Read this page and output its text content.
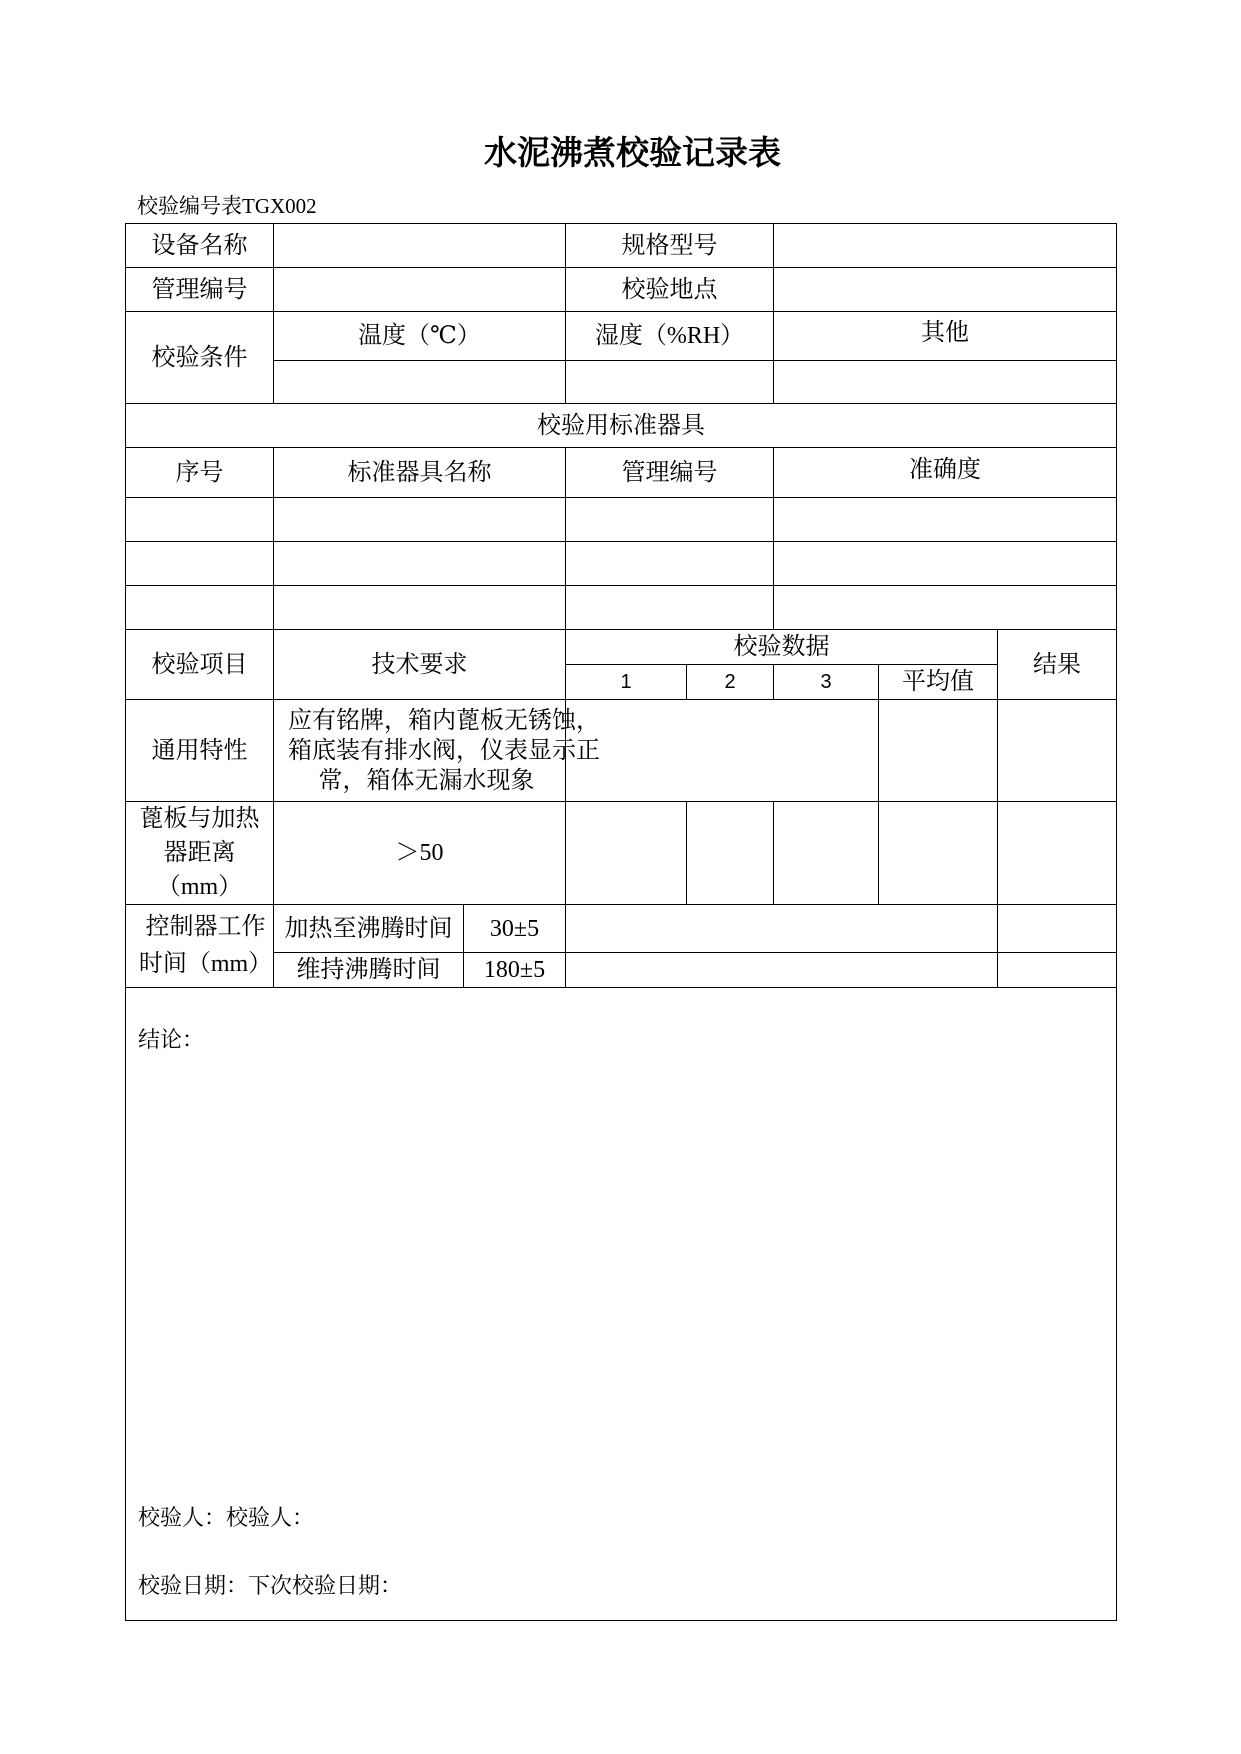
水泥沸煮校验记录表
校验编号表TGX002
设备名称			规格型号				
管理编号			校验地点				
校验条件	温度（℃）		湿度（%RH）		其他		

校验用标准器具							
序号	标准器具名称		管理编号		准确度		

校验项目	技术要求		校验数据				结果
			1	2	3	平均值	
通用特性	应有铭牌，箱内蓖板无锈蚀，
箱底装有排水阀，仪表显示正
常，箱体无漏水现象						

蓖板与加热
器距离
（mm）	＞50						

控制器工作
时间（mm）	加热至沸腾时间	30±5					
	维持沸腾时间	180±5					

结论：
校验人：校验人：
校验日期：下次校验日期：							
